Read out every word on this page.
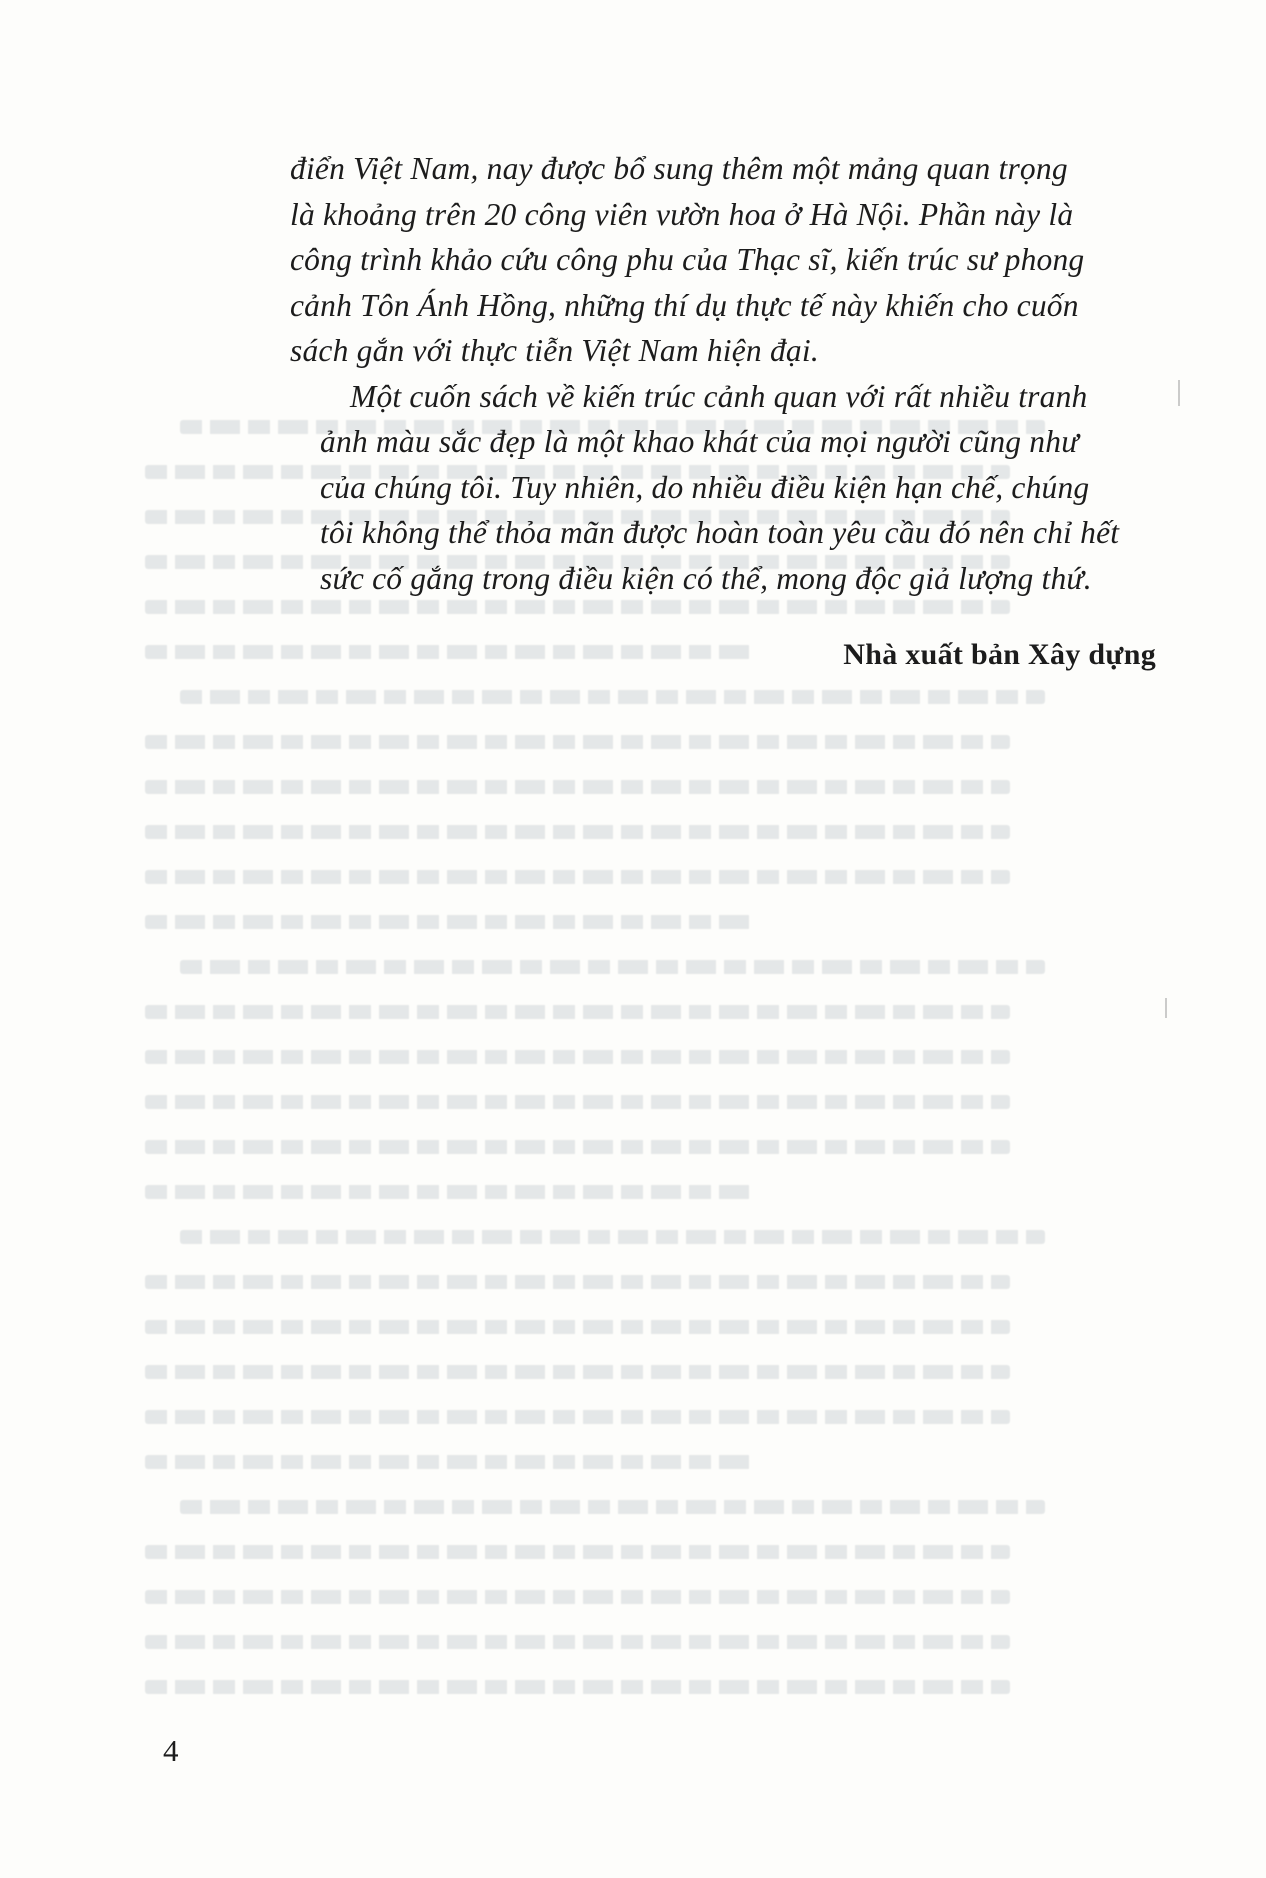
điển Việt Nam, nay được bổ sung thêm một mảng quan trọng
là khoảng trên 20 công viên vườn hoa ở Hà Nội. Phần này là
công trình khảo cứu công phu của Thạc sĩ, kiến trúc sư phong
cảnh Tôn Ánh Hồng, những thí dụ thực tế này khiến cho cuốn
sách gắn với thực tiễn Việt Nam hiện đại.

Một cuốn sách về kiến trúc cảnh quan với rất nhiều tranh
ảnh màu sắc đẹp là một khao khát của mọi người cũng như
của chúng tôi. Tuy nhiên, do nhiều điều kiện hạn chế, chúng
tôi không thể thỏa mãn được hoàn toàn yêu cầu đó nên chỉ hết
sức cố gắng trong điều kiện có thể, mong độc giả lượng thứ.

Nhà xuất bản Xây dựng
4
